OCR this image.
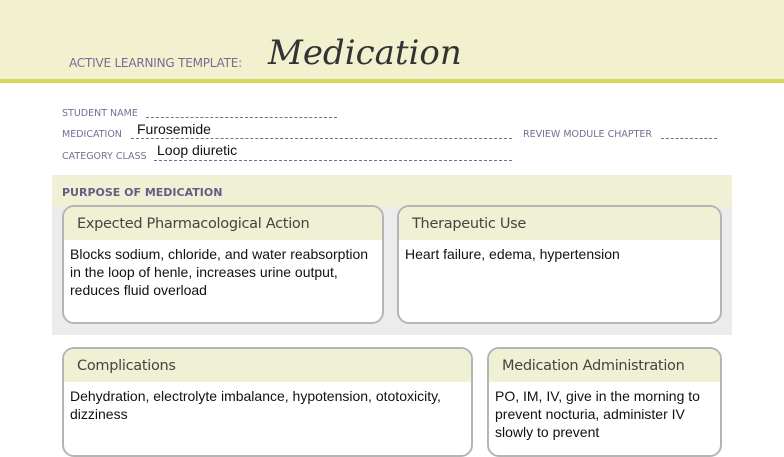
ACTIVE LEARNING TEMPLATE: Medication
STUDENT NAME
MEDICATION Furosemide	REVIEW MODULE CHAPTER
CATEGORY CLASS Loop diuretic
PURPOSE OF MEDICATION
Expected Pharmacological Action
Blocks sodium, chloride, and water reabsorption in the loop of henle, increases urine output, reduces fluid overload
Therapeutic Use
Heart failure, edema, hypertension
Complications
Dehydration, electrolyte imbalance, hypotension, ototoxicity, dizziness
Medication Administration
PO, IM, IV, give in the morning to prevent nocturia, administer IV slowly to prevent
